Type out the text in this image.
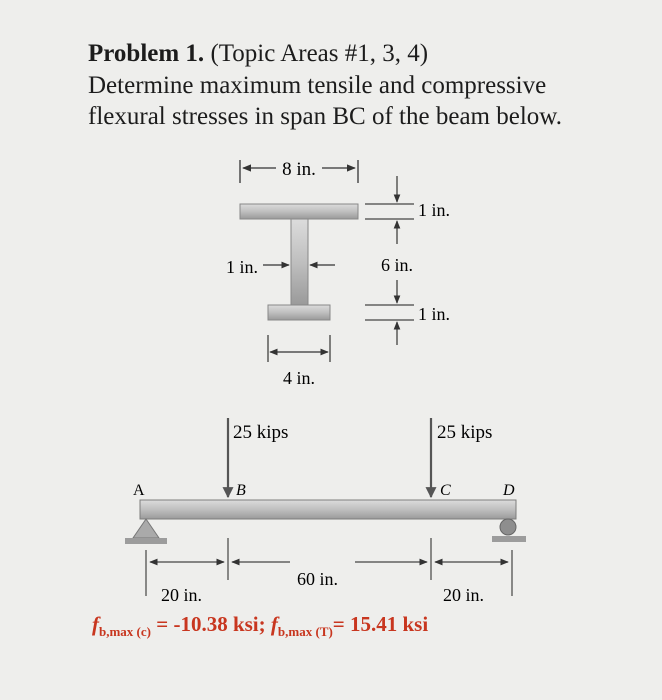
Problem 1. (Topic Areas #1, 3, 4)

Determine maximum tensile and compressive

flexural stresses in span BC of the beam below.

8 in.
1 in.
6 in.
1 in.
1 in.
4 in.
25 kips	25 kips
A	B	C	D
60 in.
20 in.	20 in.
$f_{b,max (c)} = -10.38$ ksi; $f_{b,max (T)}= 15.41$ ksi
